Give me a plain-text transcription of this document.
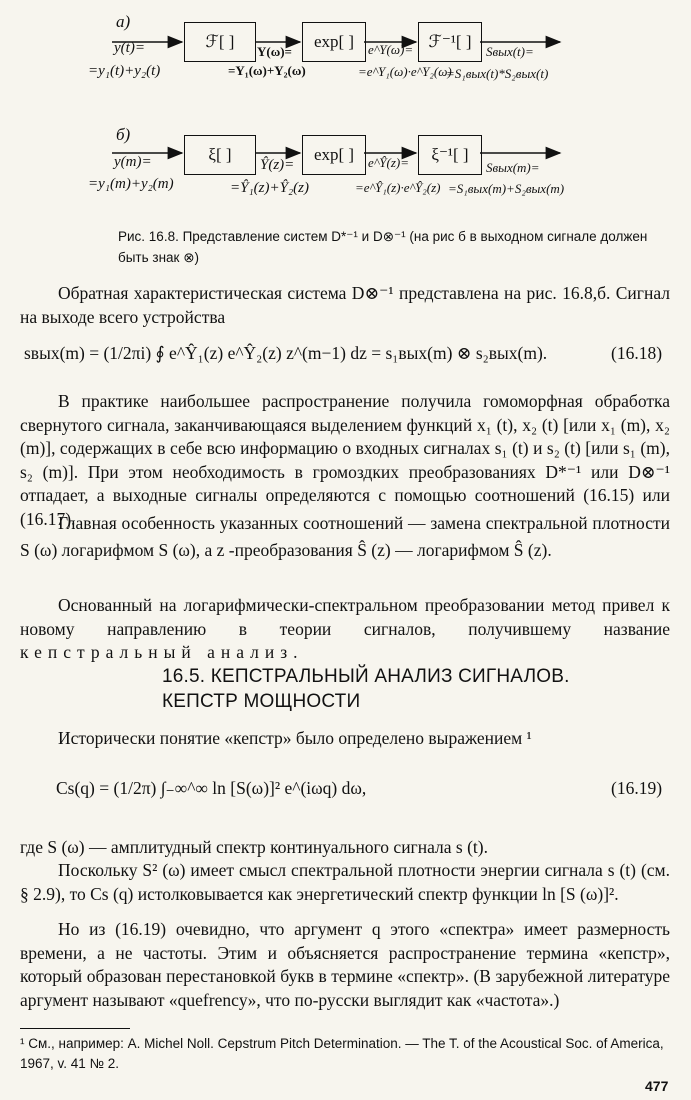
а)
ℱ[ ]	exp[ ]	ℱ⁻¹[ ]
y(t)=
=y₁(t)+y₂(t)
Y(ω)=
=Y₁(ω)+Y₂(ω)
e^Y(ω)=
=e^Y₁(ω)·e^Y₂(ω)
Sвых(t)=
=S₁вых(t)*S₂вых(t)
б)
ξ[ ]	exp[ ]	ξ⁻¹[ ]
y(m)=
=y₁(m)+y₂(m)
Ŷ(z)=
=Ŷ₁(z)+Ŷ₂(z)
e^Ŷ(z)=
=e^Ŷ₁(z)·e^Ŷ₂(z)
Sвых(m)=
=S₁вых(m)+S₂вых(m)
Рис. 16.8. Представление систем D*⁻¹ и D⊗⁻¹ (на рис б в выходном сигнале должен быть знак ⊗)
Обратная характеристическая система D⊗⁻¹ представлена на рис. 16.8,б. Сигнал на выходе всего устройства
sвых(m) = (1/2πi) ∮ e^Ŷ₁(z) e^Ŷ₂(z) z^(m−1) dz = s₁вых(m) ⊗ s₂вых(m).	(16.18)
В практике наибольшее распространение получила гомоморфная обработка свернутого сигнала, заканчивающаяся выделением функций x₁ (t), x₂ (t) [или x₁ (m), x₂ (m)], содержащих в себе всю информацию о входных сигналах s₁ (t) и s₂ (t) [или s₁ (m), s₂ (m)]. При этом необходимость в громоздких преобразованиях D*⁻¹ или D⊗⁻¹ отпадает, а выходные сигналы определяются с помощью соотношений (16.15) или (16.17).
Главная особенность указанных соотношений — замена спектральной плотности S (ω) логарифмом S (ω), а z -преобразования Ŝ (z) — логарифмом Ŝ (z).
Основанный на логарифмически-спектральном преобразовании метод привел к новому направлению в теории сигналов, получившему название кепстральный анализ.
16.5. КЕПСТРАЛЬНЫЙ АНАЛИЗ СИГНАЛОВ.
КЕПСТР МОЩНОСТИ
Исторически понятие «кепстр» было определено выражением ¹
Cs(q) = (1/2π) ∫₋∞^∞ ln [S(ω)]² e^(iωq) dω,	(16.19)
где S (ω) — амплитудный спектр континуального сигнала s (t).
Поскольку S² (ω) имеет смысл спектральной плотности энергии сигнала s (t) (см. § 2.9), то Cs (q) истолковывается как энергетический спектр функции ln [S (ω)]².
Но из (16.19) очевидно, что аргумент q этого «спектра» имеет размерность времени, а не частоты. Этим и объясняется распространение термина «кепстр», который образован перестановкой букв в термине «спектр». (В зарубежной литературе аргумент называют «quefrency», что по-русски выглядит как «частота».)
¹ См., например: A. Michel Noll. Cepstrum Pitch Determination. — The T. of the Acoustical Soc. of America, 1967, v. 41 № 2.
477
